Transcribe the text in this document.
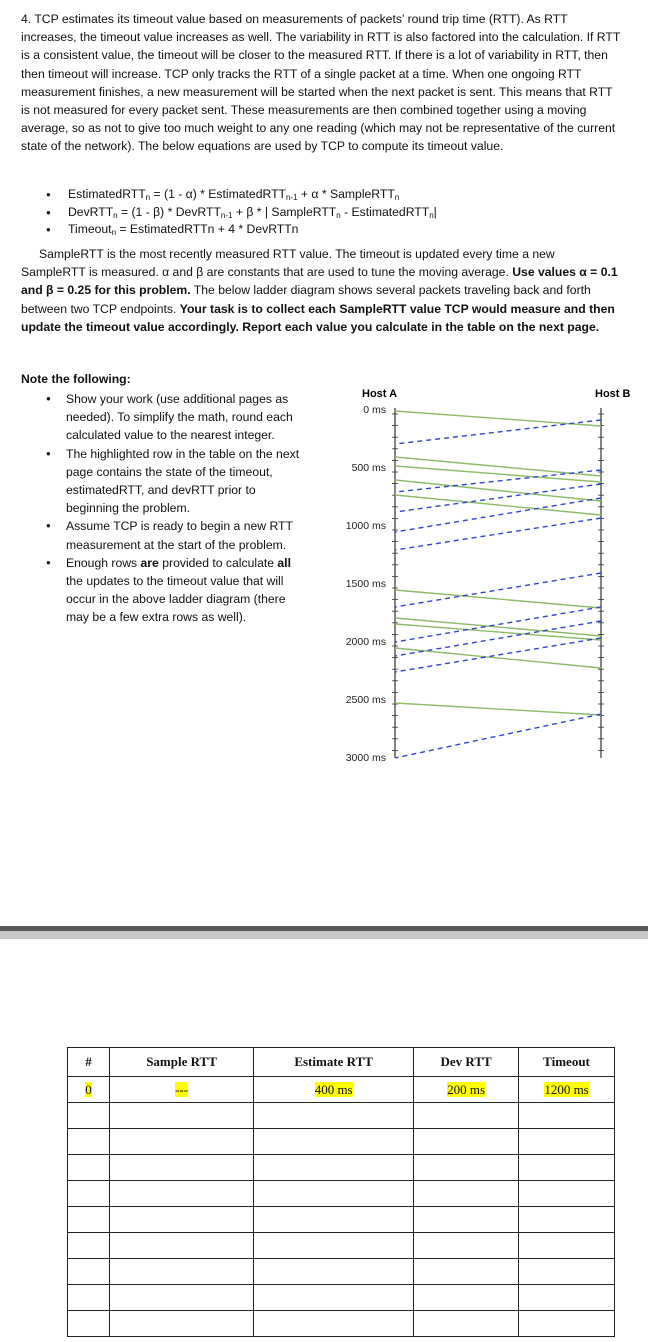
4. TCP estimates its timeout value based on measurements of packets’ round trip time (RTT). As RTT increases, the timeout value increases as well. The variability in RTT is also factored into the calculation. If RTT is a consistent value, the timeout will be closer to the measured RTT. If there is a lot of variability in RTT, then then timeout will increase. TCP only tracks the RTT of a single packet at a time. When one ongoing RTT measurement finishes, a new measurement will be started when the next packet is sent. This means that RTT is not measured for every packet sent. These measurements are then combined together using a moving average, so as not to give too much weight to any one reading (which may not be representative of the current state of the network). The below equations are used by TCP to compute its timeout value.

● EstimatedRTT$_n$ = (1 - α) * EstimatedRTT$_{n-1}$ + α * SampleRTT$_n$
● DevRTT$_n$ = (1 - β) * DevRTT$_{n-1}$ + β * | SampleRTT$_n$ - EstimatedRTT$_n$|
● Timeout$_n$ = EstimatedRTTn + 4 * DevRTTn

SampleRTT is the most recently measured RTT value. The timeout is updated every time a new SampleRTT is measured. α and β are constants that are used to tune the moving average. Use values α = 0.1 and β = 0.25 for this problem. The below ladder diagram shows several packets traveling back and forth between two TCP endpoints. Your task is to collect each SampleRTT value TCP would measure and then update the timeout value accordingly. Report each value you calculate in the table on the next page.

Note the following:
● Show your work (use additional pages as needed). To simplify the math, round each calculated value to the nearest integer.
● The highlighted row in the table on the next page contains the state of the timeout, estimatedRTT, and devRTT prior to beginning the problem.
● Assume TCP is ready to begin a new RTT measurement at the start of the problem.
● Enough rows are provided to calculate all the updates to the timeout value that will occur in the above ladder diagram (there may be a few extra rows as well).
Host A	Host B
0 ms
500 ms
1000 ms
1500 ms
2000 ms
2500 ms
3000 ms
#	Sample RTT	Estimate RTT	Dev RTT	Timeout
0	---	400 ms	200 ms	1200 ms
